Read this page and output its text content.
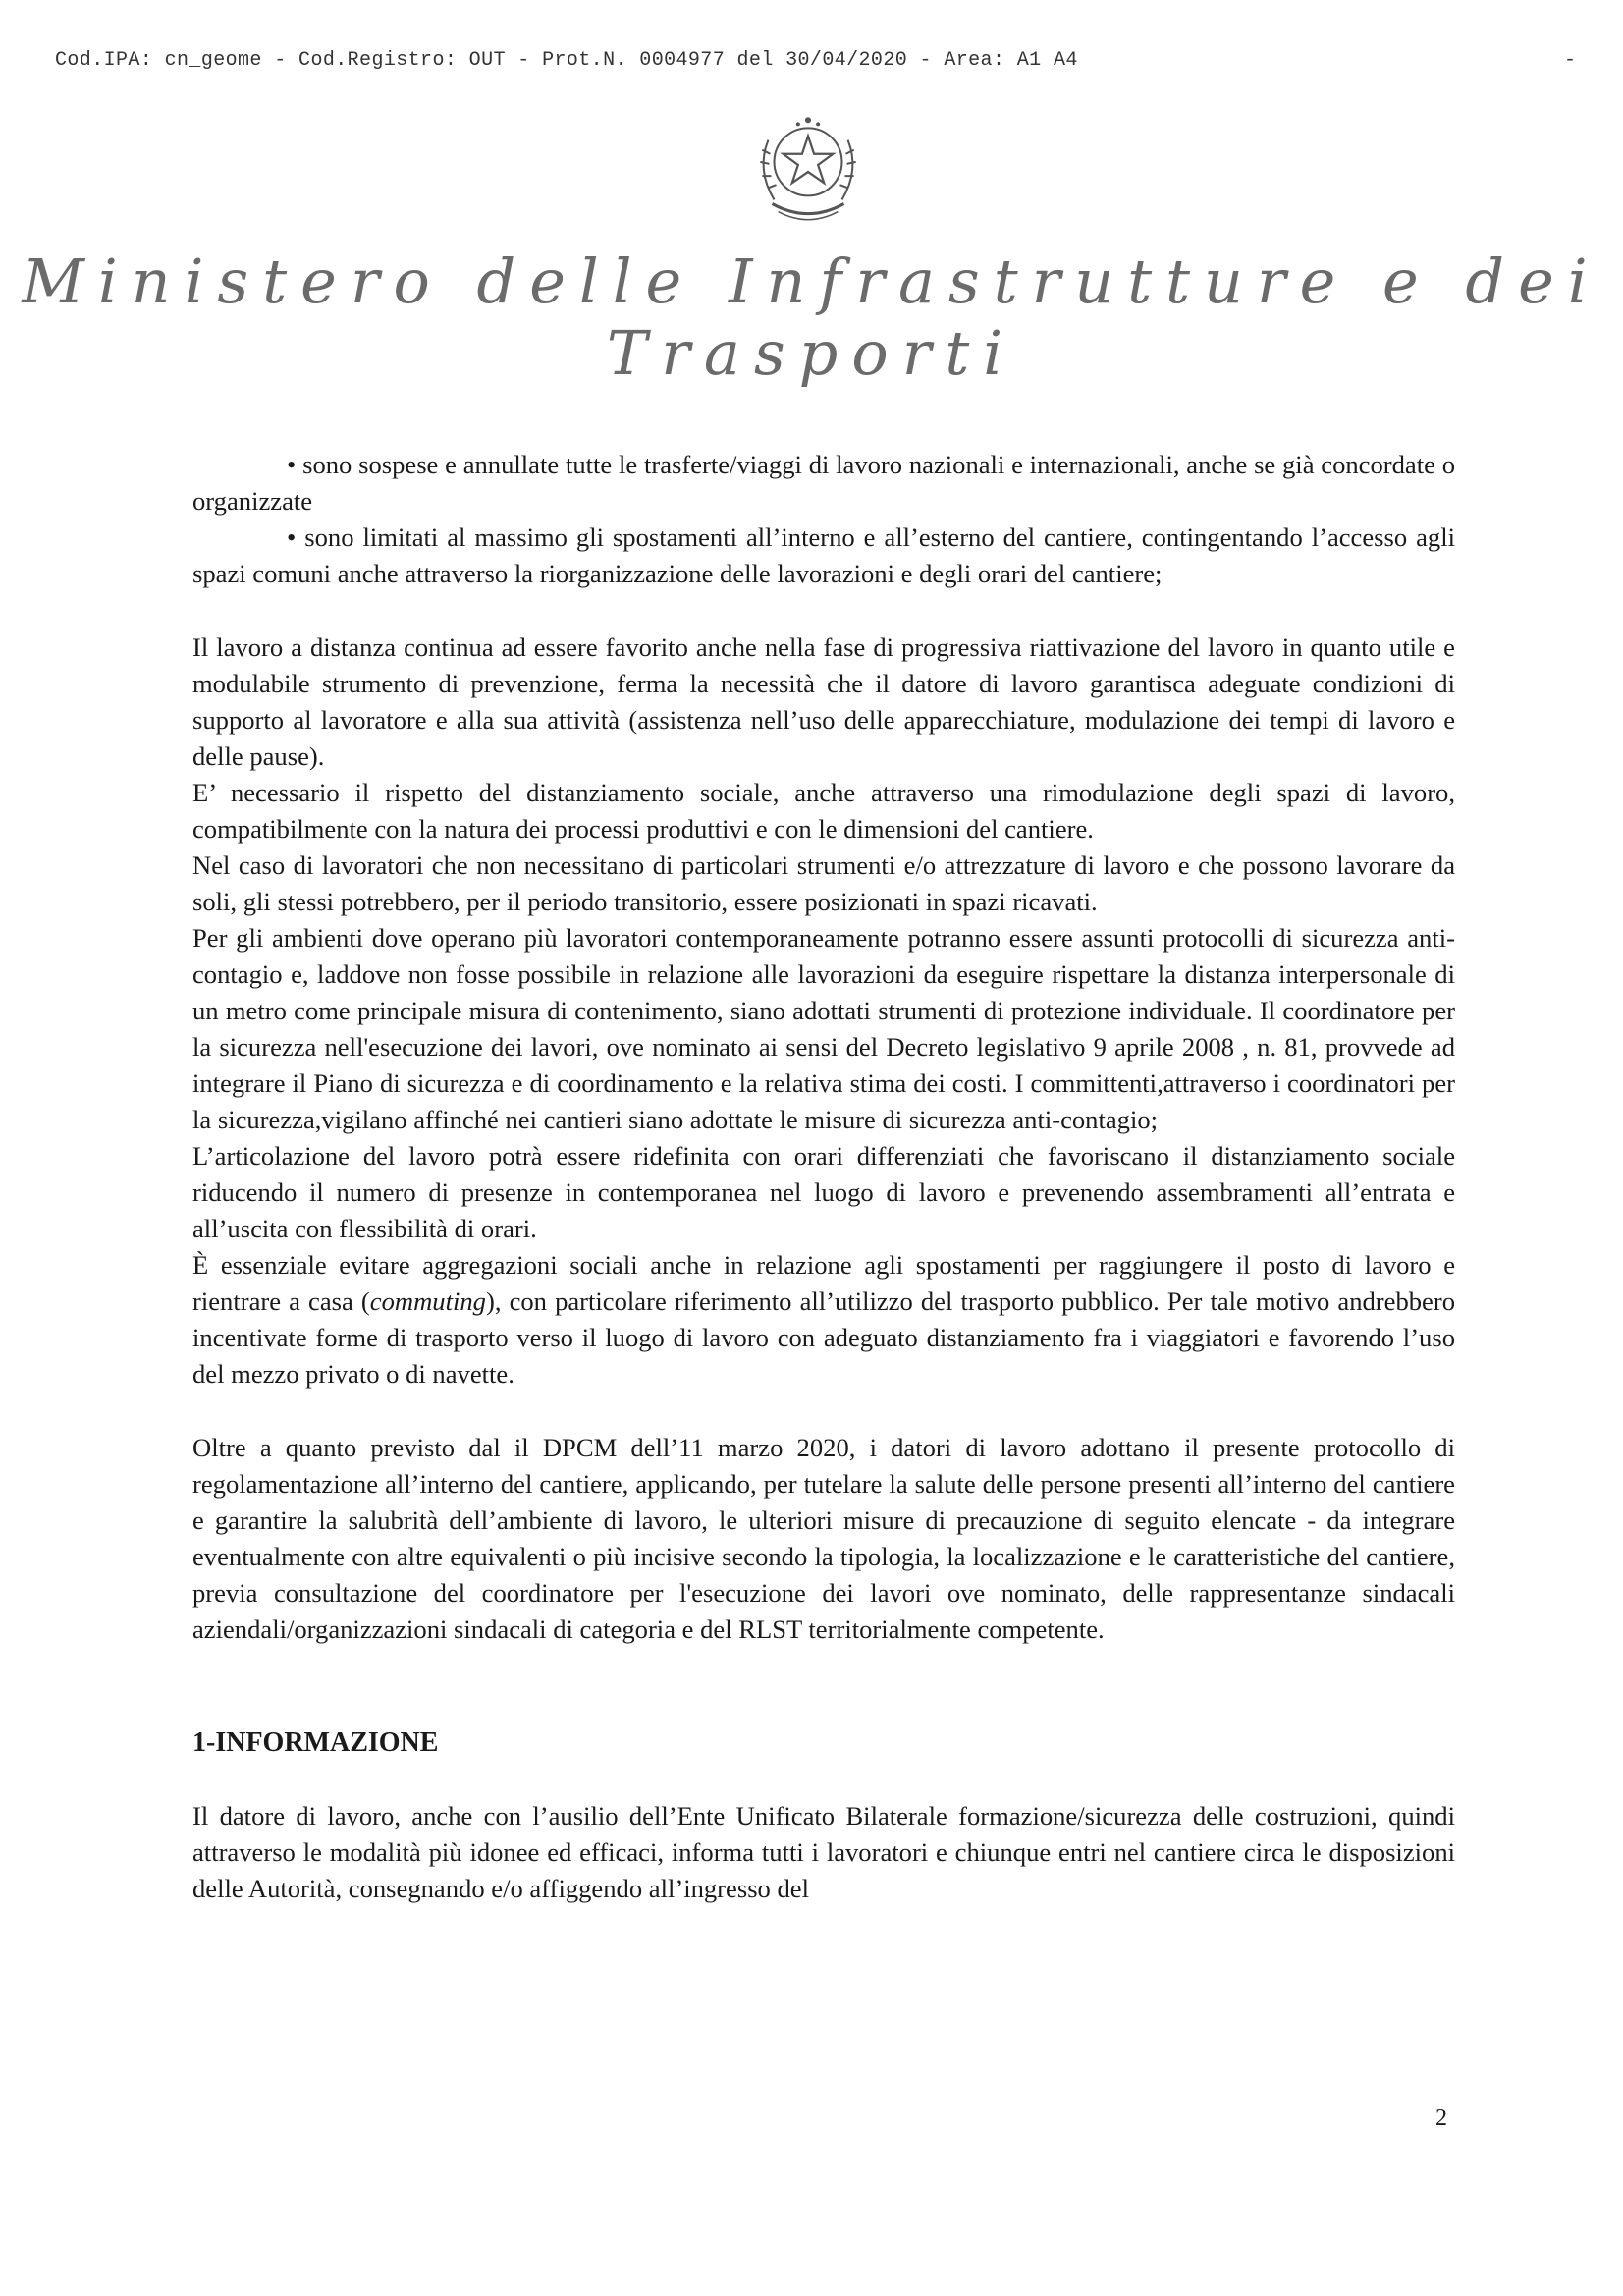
Cod.IPA: cn_geome - Cod.Registro: OUT - Prot.N. 0004977 del 30/04/2020 - Area: A1 A4	-
Ministero delle Infrastrutture e dei Trasporti

• sono sospese e annullate tutte le trasferte/viaggi di lavoro nazionali e internazionali, anche se già concordate o organizzate

• sono limitati al massimo gli spostamenti all’interno e all’esterno del cantiere, contingentando l’accesso agli spazi comuni anche attraverso la riorganizzazione delle lavorazioni e degli orari del cantiere;

Il lavoro a distanza continua ad essere favorito anche nella fase di progressiva riattivazione del lavoro in quanto utile e modulabile strumento di prevenzione, ferma la necessità che il datore di lavoro garantisca adeguate condizioni di supporto al lavoratore e alla sua attività (assistenza nell’uso delle apparecchiature, modulazione dei tempi di lavoro e delle pause).

E’ necessario il rispetto del distanziamento sociale, anche attraverso una rimodulazione degli spazi di lavoro, compatibilmente con la natura dei processi produttivi e con le dimensioni del cantiere.

Nel caso di lavoratori che non necessitano di particolari strumenti e/o attrezzature di lavoro e che possono lavorare da soli, gli stessi potrebbero, per il periodo transitorio, essere posizionati in spazi ricavati.

Per gli ambienti dove operano più lavoratori contemporaneamente potranno essere assunti protocolli di sicurezza anti-contagio e, laddove non fosse possibile in relazione alle lavorazioni da eseguire rispettare la distanza interpersonale di un metro come principale misura di contenimento, siano adottati strumenti di protezione individuale. Il coordinatore per la sicurezza nell'esecuzione dei lavori, ove nominato ai sensi del Decreto legislativo 9 aprile 2008 , n. 81, provvede ad integrare il Piano di sicurezza e di coordinamento e la relativa stima dei costi. I committenti,attraverso i coordinatori per la sicurezza,vigilano affinché nei cantieri siano adottate le misure di sicurezza anti-contagio;

L’articolazione del lavoro potrà essere ridefinita con orari differenziati che favoriscano il distanziamento sociale riducendo il numero di presenze in contemporanea nel luogo di lavoro e prevenendo assembramenti all’entrata e all’uscita con flessibilità di orari.

È essenziale evitare aggregazioni sociali anche in relazione agli spostamenti per raggiungere il posto di lavoro e rientrare a casa (commuting), con particolare riferimento all’utilizzo del trasporto pubblico. Per tale motivo andrebbero incentivate forme di trasporto verso il luogo di lavoro con adeguato distanziamento fra i viaggiatori e favorendo l’uso del mezzo privato o di navette.

Oltre a quanto previsto dal il DPCM dell’11 marzo 2020, i datori di lavoro adottano il presente protocollo di regolamentazione all’interno del cantiere, applicando, per tutelare la salute delle persone presenti all’interno del cantiere e garantire la salubrità dell’ambiente di lavoro, le ulteriori misure di precauzione di seguito elencate - da integrare eventualmente con altre equivalenti o più incisive secondo la tipologia, la localizzazione e le caratteristiche del cantiere, previa consultazione del coordinatore per l'esecuzione dei lavori ove nominato, delle rappresentanze sindacali aziendali/organizzazioni sindacali di categoria e del RLST territorialmente competente.

1-INFORMAZIONE

Il datore di lavoro, anche con l’ausilio dell’Ente Unificato Bilaterale formazione/sicurezza delle costruzioni, quindi attraverso le modalità più idonee ed efficaci, informa tutti i lavoratori e chiunque entri nel cantiere circa le disposizioni delle Autorità, consegnando e/o affiggendo all’ingresso del

2
